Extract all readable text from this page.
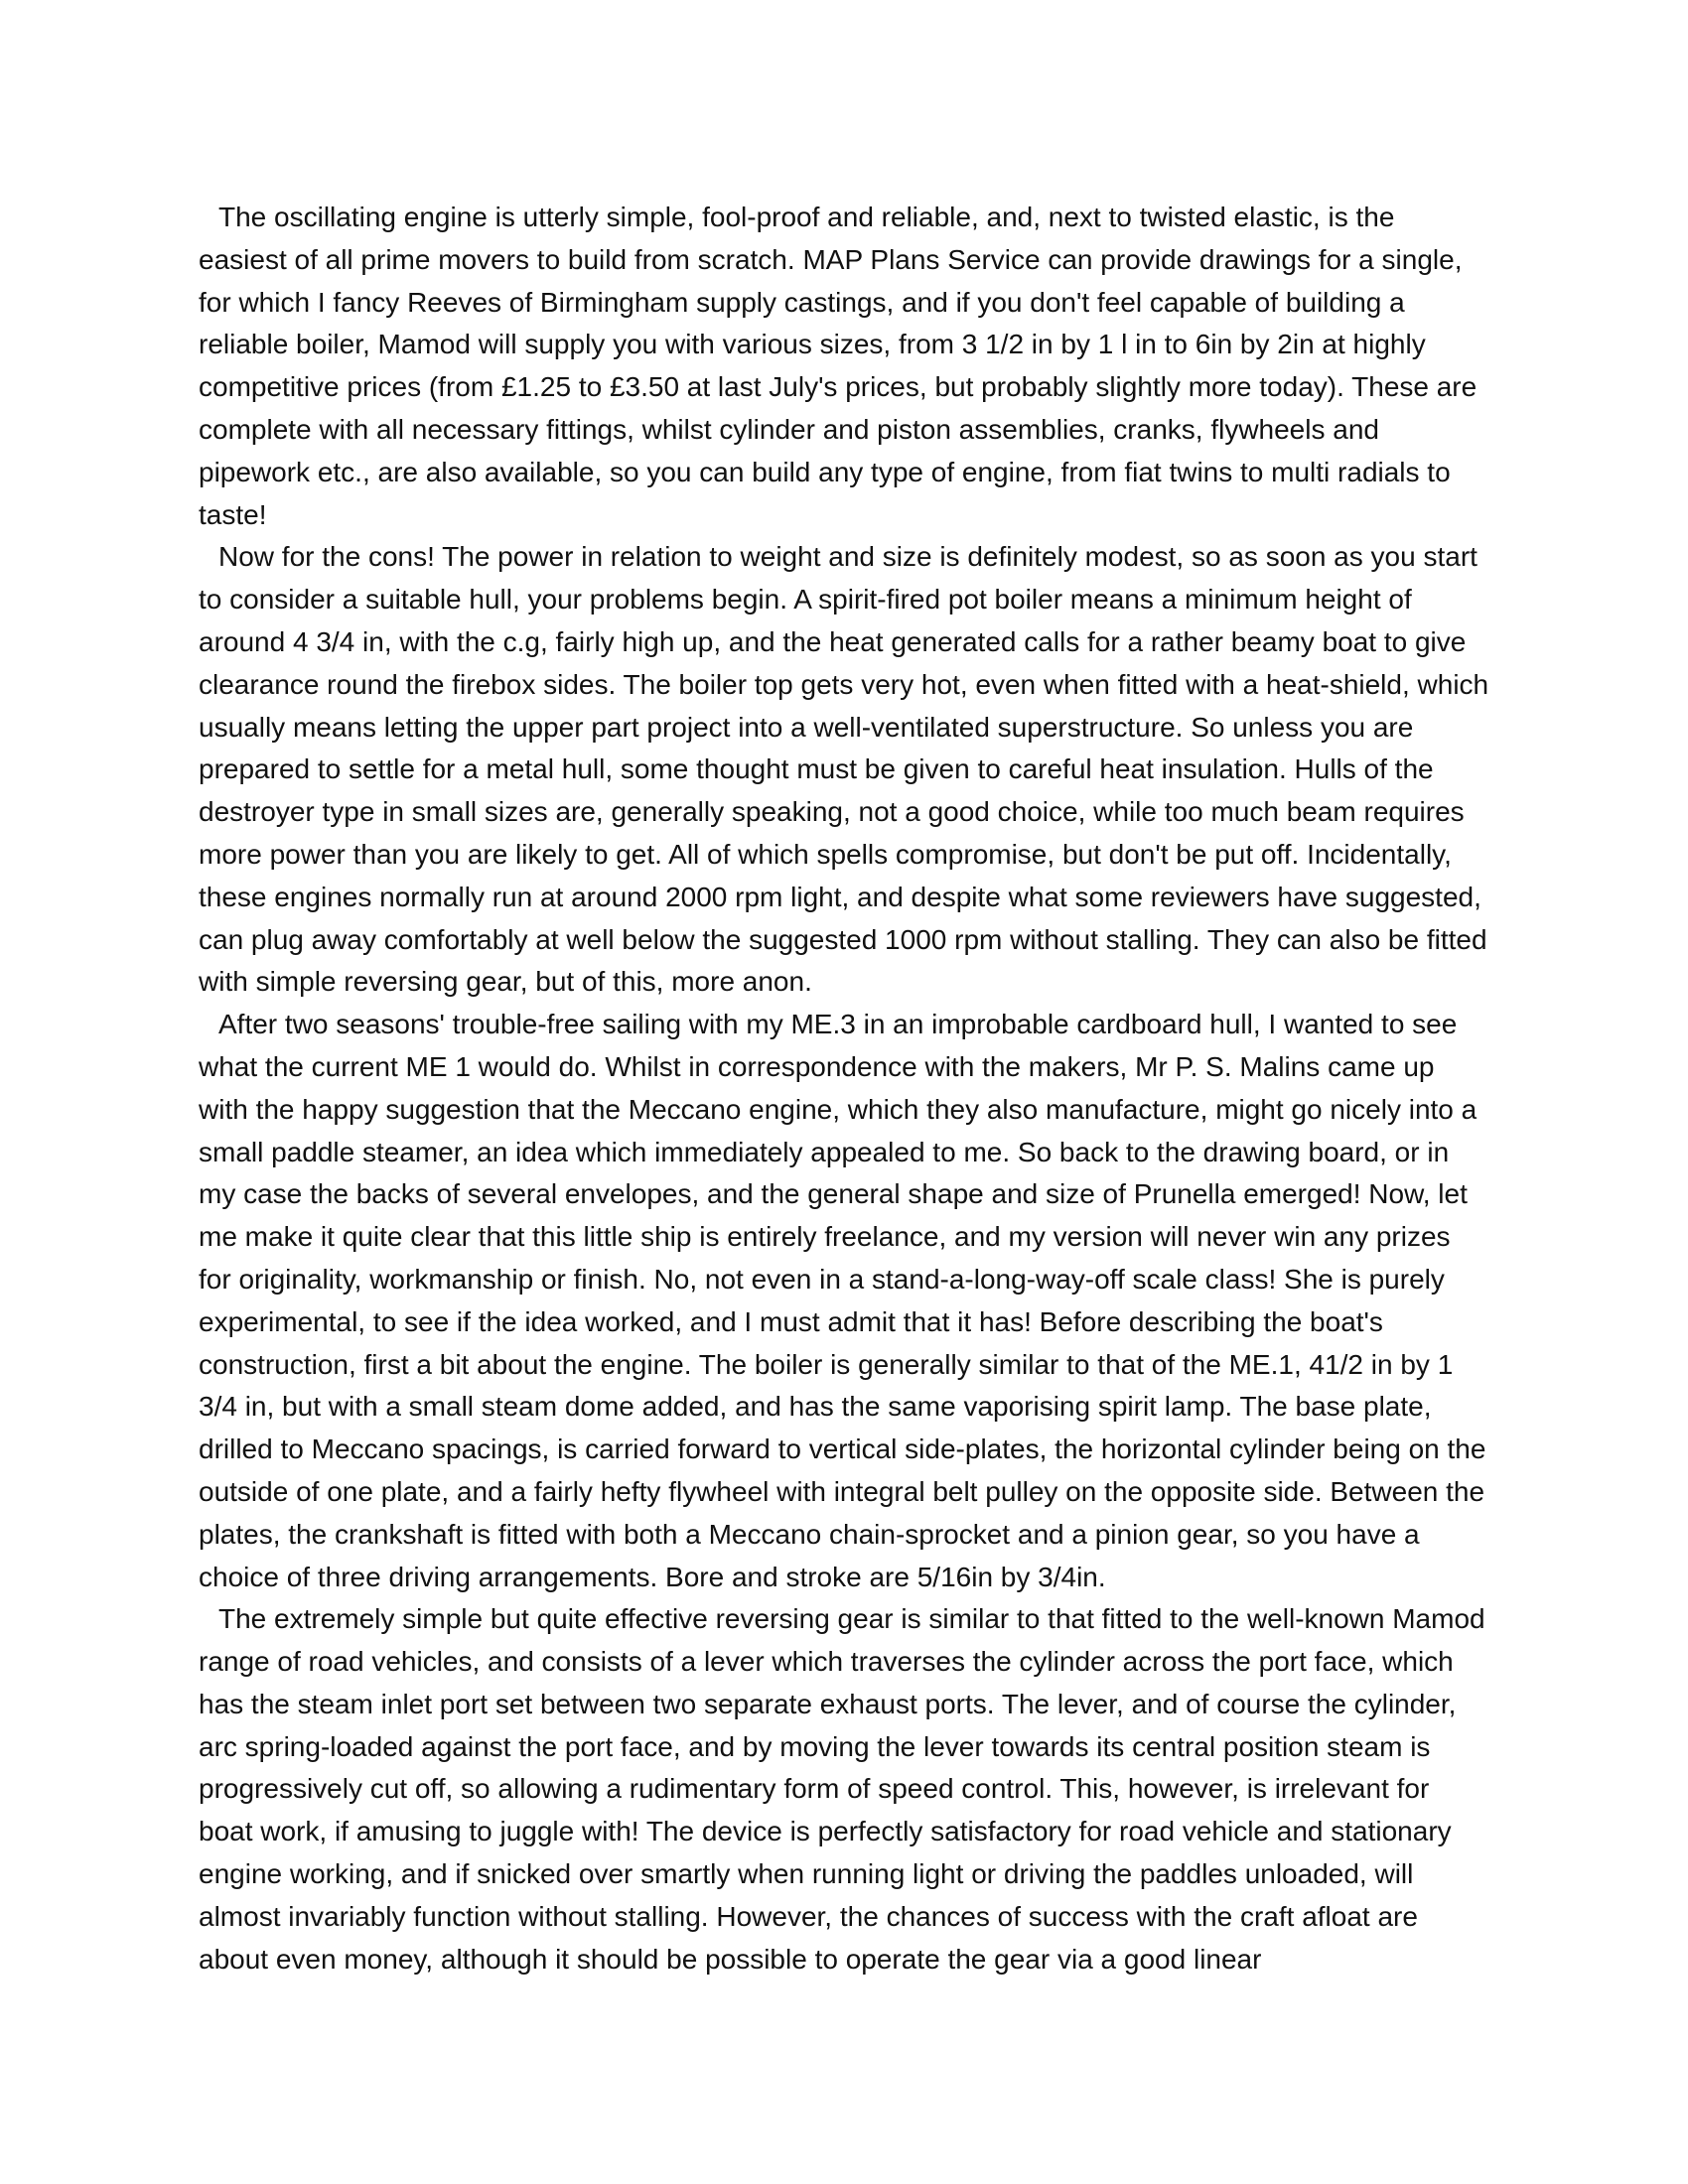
The oscillating engine is utterly simple, fool-proof and reliable, and, next to twisted elastic, is the easiest of all prime movers to build from scratch. MAP Plans Service can provide drawings for a single, for which I fancy Reeves of Birmingham supply castings, and if you don't feel capable of building a reliable boiler, Mamod will supply you with various sizes, from 3 1/2 in by 1 l in to 6in by 2in at highly competitive prices (from £1.25 to £3.50 at last July's prices, but probably slightly more today). These are complete with all necessary fittings, whilst cylinder and piston assemblies, cranks, flywheels and pipework etc., are also available, so you can build any type of engine, from fiat twins to multi radials to taste!

Now for the cons! The power in relation to weight and size is definitely modest, so as soon as you start to consider a suitable hull, your problems begin. A spirit-fired pot boiler means a minimum height of around 4 3/4 in, with the c.g, fairly high up, and the heat generated calls for a rather beamy boat to give clearance round the firebox sides. The boiler top gets very hot, even when fitted with a heat-shield, which usually means letting the upper part project into a well-ventilated superstructure. So unless you are prepared to settle for a metal hull, some thought must be given to careful heat insulation. Hulls of the destroyer type in small sizes are, generally speaking, not a good choice, while too much beam requires more power than you are likely to get. All of which spells compromise, but don't be put off. Incidentally, these engines normally run at around 2000 rpm light, and despite what some reviewers have suggested, can plug away comfortably at well below the suggested 1000 rpm without stalling. They can also be fitted with simple reversing gear, but of this, more anon.

After two seasons' trouble-free sailing with my ME.3 in an improbable cardboard hull, I wanted to see what the current ME 1 would do. Whilst in correspondence with the makers, Mr P. S. Malins came up with the happy suggestion that the Meccano engine, which they also manufacture, might go nicely into a small paddle steamer, an idea which immediately appealed to me. So back to the drawing board, or in my case the backs of several envelopes, and the general shape and size of Prunella emerged! Now, let me make it quite clear that this little ship is entirely freelance, and my version will never win any prizes for originality, workmanship or finish. No, not even in a stand-a-long-way-off scale class! She is purely experimental, to see if the idea worked, and I must admit that it has! Before describing the boat's construction, first a bit about the engine. The boiler is generally similar to that of the ME.1, 41/2 in by 1 3/4 in, but with a small steam dome added, and has the same vaporising spirit lamp. The base plate, drilled to Meccano spacings, is carried forward to vertical side-plates, the horizontal cylinder being on the outside of one plate, and a fairly hefty flywheel with integral belt pulley on the opposite side. Between the plates, the crankshaft is fitted with both a Meccano chain-sprocket and a pinion gear, so you have a choice of three driving arrangements. Bore and stroke are 5/16in by 3/4in.

The extremely simple but quite effective reversing gear is similar to that fitted to the well-known Mamod range of road vehicles, and consists of a lever which traverses the cylinder across the port face, which has the steam inlet port set between two separate exhaust ports. The lever, and of course the cylinder, arc spring-loaded against the port face, and by moving the lever towards its central position steam is progressively cut off, so allowing a rudimentary form of speed control. This, however, is irrelevant for boat work, if amusing to juggle with! The device is perfectly satisfactory for road vehicle and stationary engine working, and if snicked over smartly when running light or driving the paddles unloaded, will almost invariably function without stalling. However, the chances of success with the craft afloat are about even money, although it should be possible to operate the gear via a good linear
